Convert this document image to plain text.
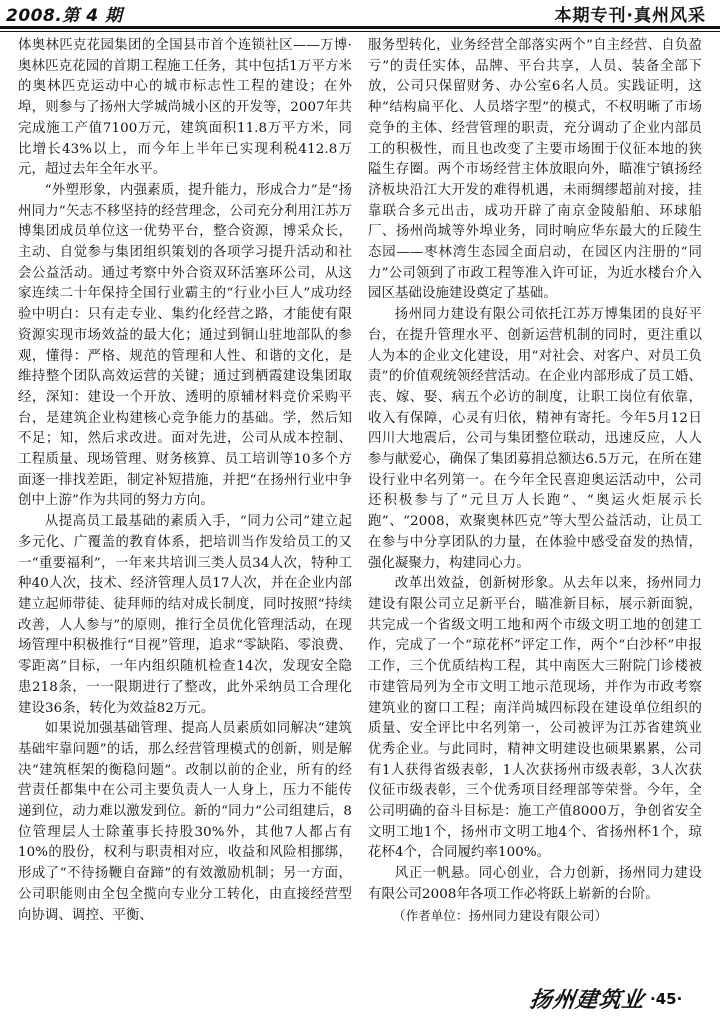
2008.第 4 期	本期专刊·真州风采

体奥林匹克花园集团的全国县市首个连锁社区——万博·奥林匹克花园的首期工程施工任务，其中包括1万平方米的奥林匹克运动中心的城市标志性工程的建设；在外埠，则参与了扬州大学城尚城小区的开发等，2007年共完成施工产值7100万元，建筑面积11.8万平方米，同比增长43%以上，而今年上半年已实现利税412.8万元，超过去年全年水平。

“外塑形象，内强素质，提升能力，形成合力”是“扬州同力”矢志不移坚持的经营理念，公司充分利用江苏万博集团成员单位这一优势平台，整合资源，博采众长，主动、自觉参与集团组织策划的各项学习提升活动和社会公益活动。通过考察中外合资双环活塞环公司，从这家连续二十年保持全国行业霸主的“行业小巨人”成功经验中明白：只有走专业、集约化经营之路，才能使有限资源实现市场效益的最大化；通过到铜山驻地部队的参观，懂得：严格、规范的管理和人性、和谐的文化，是维持整个团队高效运营的关键；通过到栖霞建设集团取经，深知：建设一个开放、透明的原辅材料竞价采购平台，是建筑企业构建核心竞争能力的基础。学，然后知不足；知，然后求改进。面对先进，公司从成本控制、工程质量、现场管理、财务核算、员工培训等10多个方面逐一排找差距，制定补短措施，并把“在扬州行业中争创中上游”作为共同的努力方向。

从提高员工最基础的素质入手，“同力公司”建立起多元化、广覆盖的教育体系，把培训当作发给员工的又一“重要福利”，一年来共培训三类人员34人次，特种工种40人次，技术、经济管理人员17人次，并在企业内部建立起师带徒、徒拜师的结对成长制度，同时按照“持续改善，人人参与”的原则，推行全员优化管理活动，在现场管理中积极推行“目视”管理，追求“零缺陷、零浪费、零距离”目标，一年内组织随机检查14次，发现安全隐患218条，一一限期进行了整改，此外采纳员工合理化建设36条，转化为效益82万元。

如果说加强基础管理、提高人员素质如同解决“建筑基础牢靠问题”的话，那么经营管理模式的创新，则是解决“建筑框架的衡稳问题”。改制以前的企业，所有的经营责任都集中在公司主要负责人一人身上，压力不能传递到位，动力难以激发到位。新的“同力”公司组建后，8位管理层人士除董事长持股30%外，其他7人都占有10%的股份，权利与职责相对应，收益和风险相挪绑，形成了“不待扬鞭自奋蹄”的有效激励机制；另一方面，公司职能则由全包全揽向专业分工转化，由直接经营型向协调、调控、平衡、

服务型转化，业务经营全部落实两个“自主经营、自负盈亏”的责任实体，品牌、平台共享，人员、装备全部下放，公司只保留财务、办公室6名人员。实践证明，这种“结构扁平化、人员塔字型”的模式，不权明晰了市场竞争的主体、经营管理的职责，充分调动了企业内部员工的积极性，而且也改变了主要市场囿于仪征本地的狭隘生存圈。两个市场经营主体放眼向外，瞄准宁镇扬经济板块沿江大开发的难得机遇，未雨绸缪超前对接，挂靠联合多元出击，成功开辟了南京金陵船舶、环球船厂、扬州尚城等外埠业务，同时响应华东最大的丘陵生态园——枣林湾生态园全面启动，在园区内注册的“同力”公司领到了市政工程等准入许可证，为近水楼台介入园区基础设施建设奠定了基础。

扬州同力建设有限公司依托江苏万博集团的良好平台，在提升管理水平、创新运营机制的同时，更注重以人为本的企业文化建设，用“对社会、对客户、对员工负责”的价值观统领经营活动。在企业内部形成了员工婚、丧、嫁、娶、病五个必访的制度，让职工岗位有依靠，收入有保障，心灵有归依，精神有寄托。今年5月12日四川大地震后，公司与集团整位联动，迅速反应，人人参与献爱心，确保了集团募捐总额达6.5万元，在所在建设行业中名列第一。在今年全民喜迎奥运活动中，公司还积极参与了“元旦万人长跑”、“奥运火炬展示长跑”、“2008，欢聚奥林匹克”等大型公益活动，让员工在参与中分享团队的力量，在体验中感受奋发的热情，强化凝聚力，构建同心力。

改革出效益，创新树形象。从去年以来，扬州同力建设有限公司立足新平台，瞄准新目标，展示新面貌，共完成一个省级文明工地和两个市级文明工地的创建工作，完成了一个“琼花杯”评定工作，两个“白沙杯”申报工作，三个优质结构工程，其中南医大三附院门诊楼被市建管局列为全市文明工地示范现场，并作为市政考察建筑业的窗口工程；南洋尚城四标段在建设单位组织的质量、安全评比中名列第一，公司被评为江苏省建筑业优秀企业。与此同时，精神文明建设也硕果累累，公司有1人获得省级表彰，1人次获扬州市级表彰，3人次获仪征市级表彰，三个优秀项目经理部等荣誉。今年，全公司明确的奋斗目标是：施工产值8000万，争创省安全文明工地1个，扬州市文明工地4个、省扬州杯1个，琼花杯4个，合同履约率100%。

风正一帆悬。同心创业，合力创新，扬州同力建设有限公司2008年各项工作必将跃上崭新的台阶。

（作者单位：扬州同力建设有限公司）

扬州建筑业 ·45·
